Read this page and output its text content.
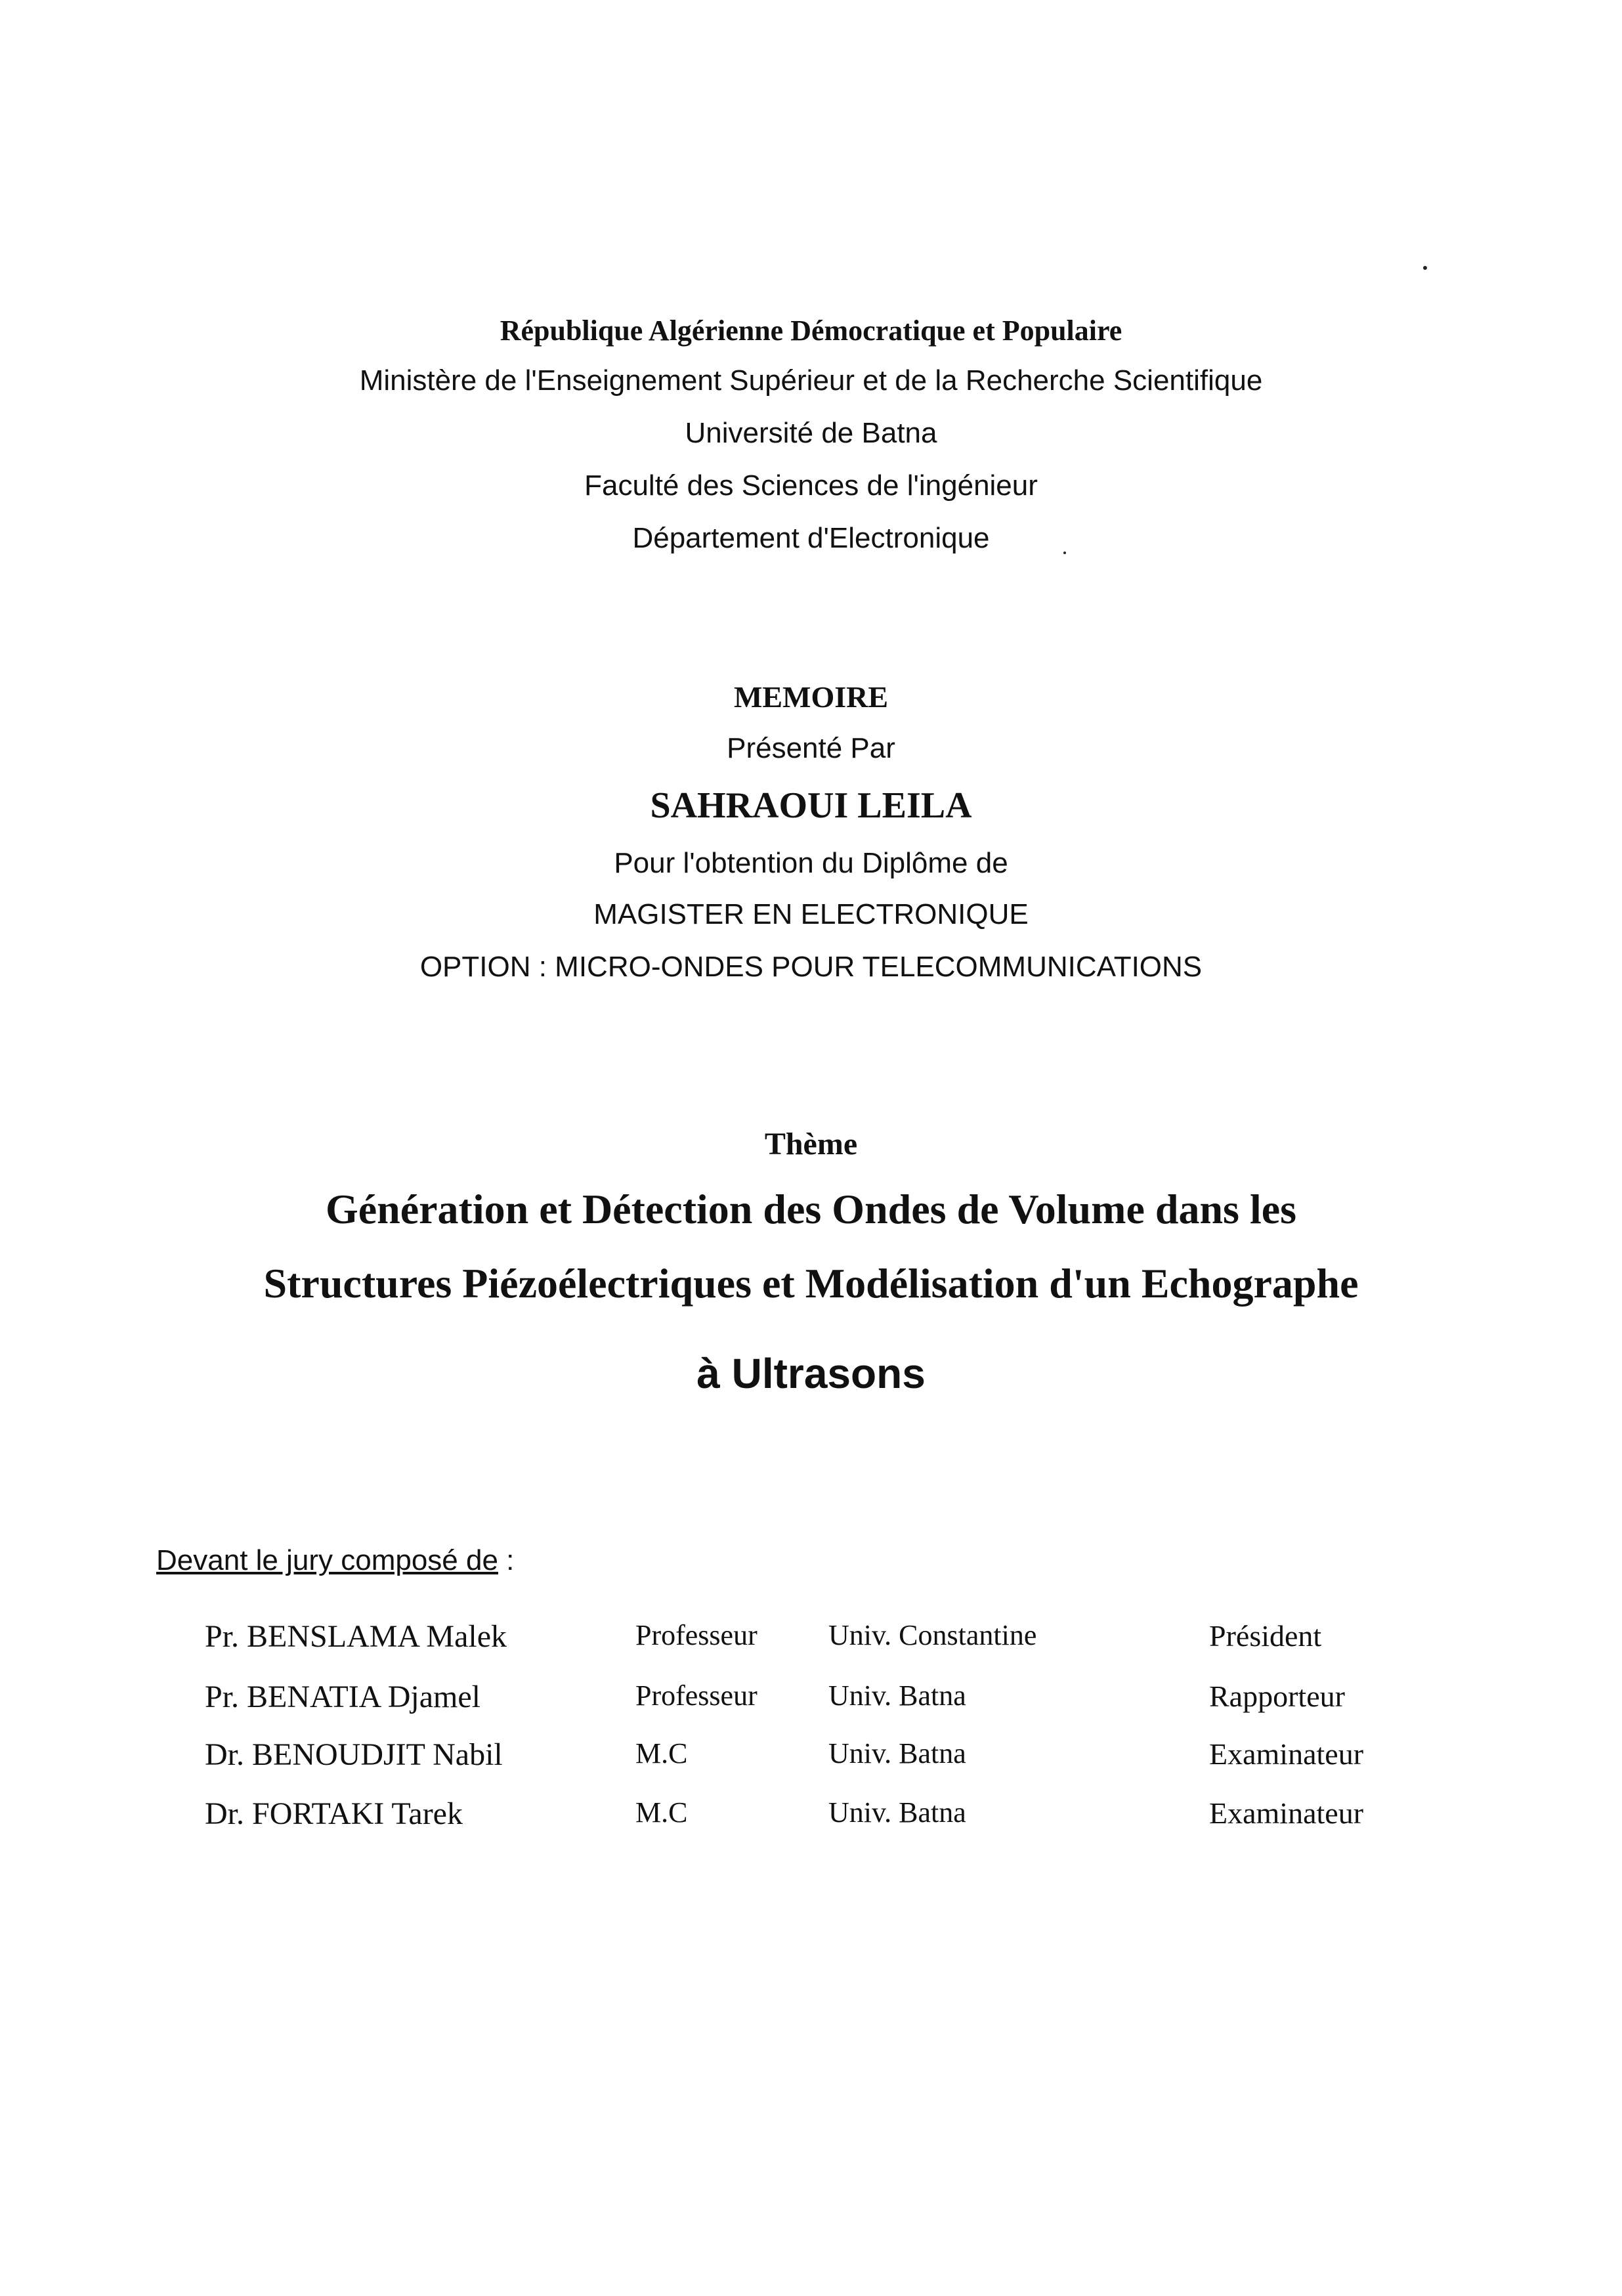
République Algérienne Démocratique et Populaire
Ministère de l'Enseignement Supérieur et de la Recherche Scientifique
Université de Batna
Faculté des Sciences de l'ingénieur
Département d'Electronique
MEMOIRE
Présenté Par
SAHRAOUI LEILA
Pour l'obtention du Diplôme de
MAGISTER EN ELECTRONIQUE
OPTION : MICRO-ONDES POUR TELECOMMUNICATIONS
Thème
Génération et Détection des Ondes de Volume dans les
Structures Piézoélectriques et Modélisation d'un Echographe
à Ultrasons
Devant le jury composé de :
Pr. BENSLAMA Malek	Professeur Univ. Constantine	Président
Pr. BENATIA Djamel	Professeur Univ. Batna	Rapporteur
Dr. BENOUDJIT Nabil	M.C	Univ. Batna	Examinateur
Dr. FORTAKI Tarek	M.C	Univ. Batna	Examinateur
